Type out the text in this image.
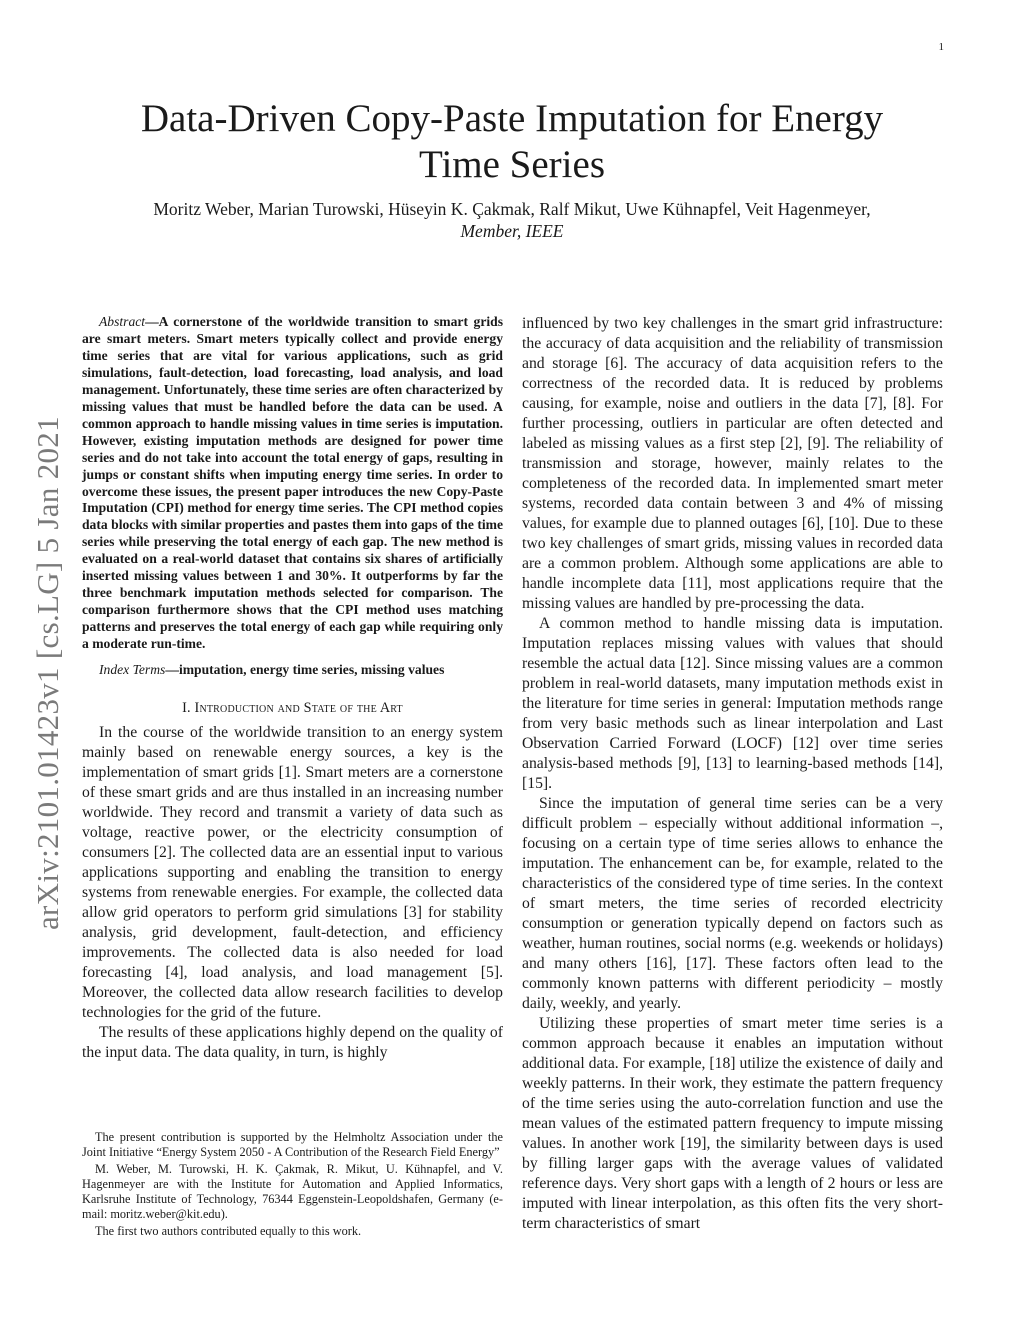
1
arXiv:2101.01423v1 [cs.LG] 5 Jan 2021
Data-Driven Copy-Paste Imputation for Energy Time Series
Moritz Weber, Marian Turowski, Hüseyin K. Çakmak, Ralf Mikut, Uwe Kühnapfel, Veit Hagenmeyer, Member, IEEE

Abstract—A cornerstone of the worldwide transition to smart grids are smart meters. Smart meters typically collect and provide energy time series that are vital for various applications, such as grid simulations, fault-detection, load forecasting, load analysis, and load management. Unfortunately, these time series are often characterized by missing values that must be handled before the data can be used. A common approach to handle missing values in time series is imputation. However, existing imputation methods are designed for power time series and do not take into account the total energy of gaps, resulting in jumps or constant shifts when imputing energy time series. In order to overcome these issues, the present paper introduces the new Copy-Paste Imputation (CPI) method for energy time series. The CPI method copies data blocks with similar properties and pastes them into gaps of the time series while preserving the total energy of each gap. The new method is evaluated on a real-world dataset that contains six shares of artificially inserted missing values between 1 and 30%. It outperforms by far the three benchmark imputation methods selected for comparison. The comparison furthermore shows that the CPI method uses matching patterns and preserves the total energy of each gap while requiring only a moderate run-time.

Index Terms—imputation, energy time series, missing values

I. Introduction and State of the Art

In the course of the worldwide transition to an energy system mainly based on renewable energy sources, a key is the implementation of smart grids [1]. Smart meters are a cornerstone of these smart grids and are thus installed in an increasing number worldwide. They record and transmit a variety of data such as voltage, reactive power, or the electricity consumption of consumers [2]. The collected data are an essential input to various applications supporting and enabling the transition to energy systems from renewable energies. For example, the collected data allow grid operators to perform grid simulations [3] for stability analysis, grid development, fault-detection, and efficiency improvements. The collected data is also needed for load forecasting [4], load analysis, and load management [5]. Moreover, the collected data allow research facilities to develop technologies for the grid of the future.

The results of these applications highly depend on the quality of the input data. The data quality, in turn, is highly

The present contribution is supported by the Helmholtz Association under the Joint Initiative “Energy System 2050 - A Contribution of the Research Field Energy”

M. Weber, M. Turowski, H. K. Çakmak, R. Mikut, U. Kühnapfel, and V. Hagenmeyer are with the Institute for Automation and Applied Informatics, Karlsruhe Institute of Technology, 76344 Eggenstein-Leopoldshafen, Germany (e-mail: moritz.weber@kit.edu).

The first two authors contributed equally to this work.

influenced by two key challenges in the smart grid infrastructure: the accuracy of data acquisition and the reliability of transmission and storage [6]. The accuracy of data acquisition refers to the correctness of the recorded data. It is reduced by problems causing, for example, noise and outliers in the data [7], [8]. For further processing, outliers in particular are often detected and labeled as missing values as a first step [2], [9]. The reliability of transmission and storage, however, mainly relates to the completeness of the recorded data. In implemented smart meter systems, recorded data contain between 3 and 4% of missing values, for example due to planned outages [6], [10]. Due to these two key challenges of smart grids, missing values in recorded data are a common problem. Although some applications are able to handle incomplete data [11], most applications require that the missing values are handled by pre-processing the data.

A common method to handle missing data is imputation. Imputation replaces missing values with values that should resemble the actual data [12]. Since missing values are a common problem in real-world datasets, many imputation methods exist in the literature for time series in general: Imputation methods range from very basic methods such as linear interpolation and Last Observation Carried Forward (LOCF) [12] over time series analysis-based methods [9], [13] to learning-based methods [14], [15].

Since the imputation of general time series can be a very difficult problem – especially without additional information –, focusing on a certain type of time series allows to enhance the imputation. The enhancement can be, for example, related to the characteristics of the considered type of time series. In the context of smart meters, the time series of recorded electricity consumption or generation typically depend on factors such as weather, human routines, social norms (e.g. weekends or holidays) and many others [16], [17]. These factors often lead to the commonly known patterns with different periodicity – mostly daily, weekly, and yearly.

Utilizing these properties of smart meter time series is a common approach because it enables an imputation without additional data. For example, [18] utilize the existence of daily and weekly patterns. In their work, they estimate the pattern frequency of the time series using the auto-correlation function and use the mean values of the estimated pattern frequency to impute missing values. In another work [19], the similarity between days is used by filling larger gaps with the average values of validated reference days. Very short gaps with a length of 2 hours or less are imputed with linear interpolation, as this often fits the very short-term characteristics of smart
